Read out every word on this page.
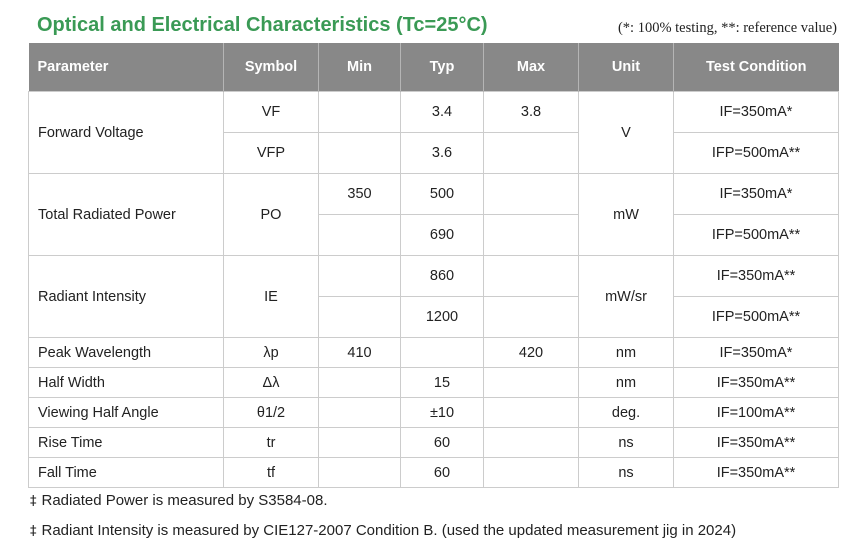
Optical and Electrical Characteristics (Tc=25°C)	(*: 100% testing, **: reference value)
Parameter	Symbol	Min	Typ	Max	Unit	Test Condition
Forward Voltage	VF		3.4	3.8	V	IF=350mA*
	VFP		3.6			IFP=500mA**
Total Radiated Power	PO	350	500		mW	IF=350mA*
			690			IFP=500mA**
Radiant Intensity	IE		860		mW/sr	IF=350mA**
			1200			IFP=500mA**
Peak Wavelength	λp	410		420	nm	IF=350mA*
Half Width	Δλ		15		nm	IF=350mA**
Viewing Half Angle	θ1/2		±10		deg.	IF=100mA**
Rise Time	tr		60		ns	IF=350mA**
Fall Time	tf		60		ns	IF=350mA**
‡ Radiated Power is measured by S3584-08.
‡ Radiant Intensity is measured by CIE127-2007 Condition B. (used the updated measurement jig in 2024)
